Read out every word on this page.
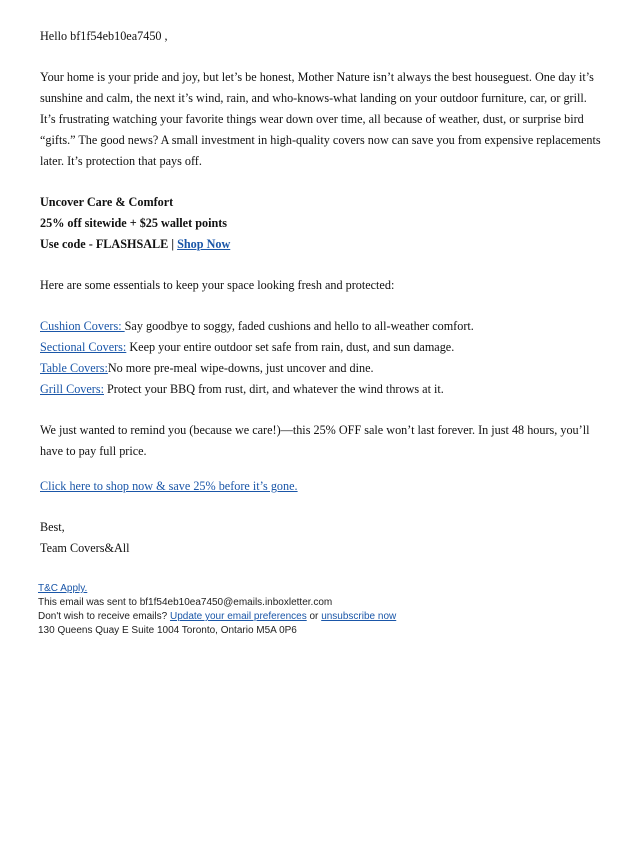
Hello bf1f54eb10ea7450 ,

Your home is your pride and joy, but let’s be honest, Mother Nature isn’t always the best houseguest. One day it’s sunshine and calm, the next it’s wind, rain, and who-knows-what landing on your outdoor furniture, car, or grill. It’s frustrating watching your favorite things wear down over time, all because of weather, dust, or surprise bird “gifts.” The good news? A small investment in high-quality covers now can save you from expensive replacements later. It’s protection that pays off.

Uncover Care & Comfort

25% off sitewide + $25 wallet points

Use code - FLASHSALE | Shop Now

Here are some essentials to keep your space looking fresh and protected:

Cushion Covers: Say goodbye to soggy, faded cushions and hello to all-weather comfort.

Sectional Covers: Keep your entire outdoor set safe from rain, dust, and sun damage.

Table Covers:No more pre-meal wipe-downs, just uncover and dine.

Grill Covers: Protect your BBQ from rust, dirt, and whatever the wind throws at it.

We just wanted to remind you (because we care!)—this 25% OFF sale won’t last forever. In just 48 hours, you’ll have to pay full price.

Click here to shop now & save 25% before it’s gone.

Best,

Team Covers&All

T&C Apply.
This email was sent to bf1f54eb10ea7450@emails.inboxletter.com
Don't wish to receive emails? Update your email preferences or unsubscribe now
130 Queens Quay E Suite 1004 Toronto, Ontario M5A 0P6
